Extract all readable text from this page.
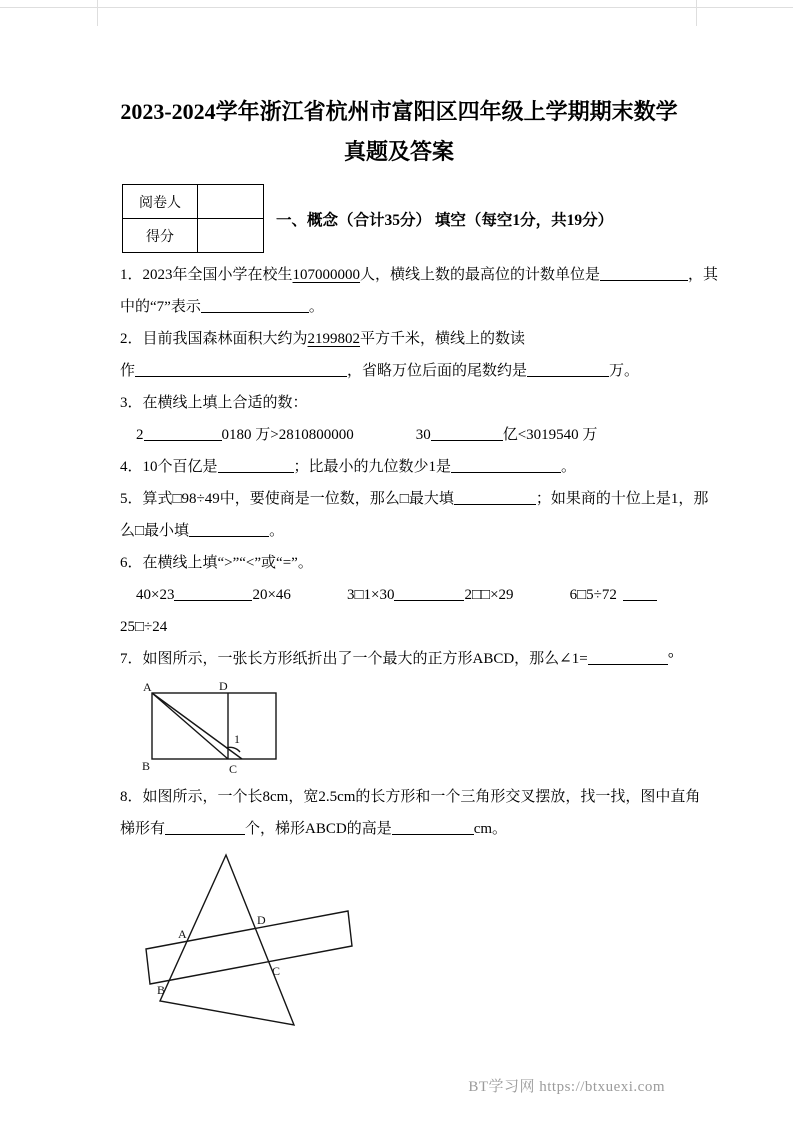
2023-2024学年浙江省杭州市富阳区四年级上学期期末数学
真题及答案
阅卷人	
得分	
一、概念（合计35分） 填空（每空1分，共19分）
1．2023年全国小学在校生107000000人，横线上数的最高位的计数单位是	，其
中的“7”表示	。
2．目前我国森林面积大约为2199802平方千米，横线上的数读
作	，省略万位后面的尾数约是	万。
3．在横线上填上合适的数：
2	0180 万>2810800000	30	亿<3019540 万
4．10个百亿是	；比最小的九位数少1是	。
5．算式□98÷49中，要使商是一位数，那么□最大填	；如果商的十位上是1，那
么□最小填	。
6．在横线上填“>”“<”或“=”。
40×23	20×46	3□1×30	2□□×29	6□5÷72
25□÷24
7．如图所示，一张长方形纸折出了一个最大的正方形ABCD，那么∠1=	°
A	D
B	C
1
8．如图所示，一个长8cm，宽2.5cm的长方形和一个三角形交叉摆放，找一找，图中直角
梯形有	个，梯形ABCD的高是	cm。
A
D
B
C
BT学习网 https://btxuexi.com
